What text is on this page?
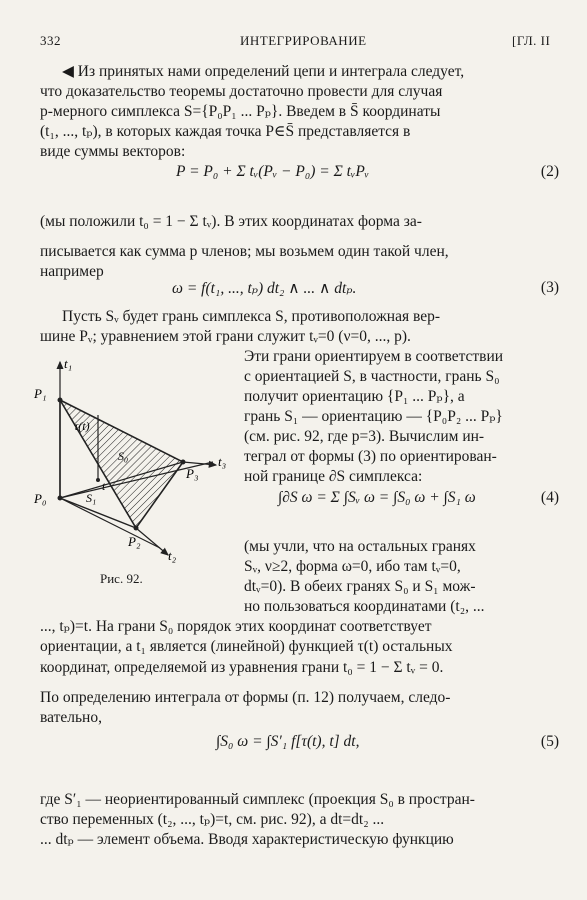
332	ИНТЕГРИРОВАНИЕ	[ГЛ. II
◀ Из принятых нами определений цепи и интеграла следует,
что доказательство теоремы достаточно провести для случая
p-мерного симплекса S={P₀P₁ ... Pₚ}. Введем в S̄ координаты
(t₁, ..., tₚ), в которых каждая точка P∈S̄ представляется в
виде суммы векторов:
P = P₀ + Σ tᵥ(Pᵥ − P₀) = Σ tᵥPᵥ	(2)
(мы положили t₀ = 1 − Σ tᵥ). В этих координатах форма за-
писывается как сумма p членов; мы возьмем один такой член,
например
ω = f(t₁, ..., tₚ) dt₂ ∧ ... ∧ dtₚ.	(3)
Пусть Sᵥ будет грань симплекса S, противоположная вер-
шине Pᵥ; уравнением этой грани служит tᵥ=0 (ν=0, ..., p).
t₁
P₁
τ(t)
S₀
S₁
t
P₃
t₃
P₀
P₂
t₂
Рис. 92.
Эти грани ориентируем в соответствии
с ориентацией S, в частности, грань S₀
получит ориентацию {P₁ ... Pₚ}, а
грань S₁ — ориентацию — {P₀P₂ ... Pₚ}
(см. рис. 92, где p=3). Вычислим ин-
теграл от формы (3) по ориентирован-
ной границе ∂S симплекса:
∫∂S ω = Σ ∫Sᵥ ω = ∫S₀ ω + ∫S₁ ω	(4)
(мы учли, что на остальных гранях
Sᵥ, ν≥2, форма ω=0, ибо там tᵥ=0,
dtᵥ=0). В обеих гранях S₀ и S₁ мож-
но пользоваться координатами (t₂, ...
..., tₚ)=t. На грани S₀ порядок этих координат соответствует
ориентации, а t₁ является (линейной) функцией τ(t) остальных
координат, определяемой из уравнения грани t₀ = 1 − Σ tᵥ = 0.
По определению интеграла от формы (п. 12) получаем, следо-
вательно,
∫S₀ ω = ∫S′₁ f[τ(t), t] dt,	(5)
где S′₁ — неориентированный симплекс (проекция S₀ в простран-
ство переменных (t₂, ..., tₚ)=t, см. рис. 92), а dt=dt₂ ...
... dtₚ — элемент объема. Вводя характеристическую функцию
